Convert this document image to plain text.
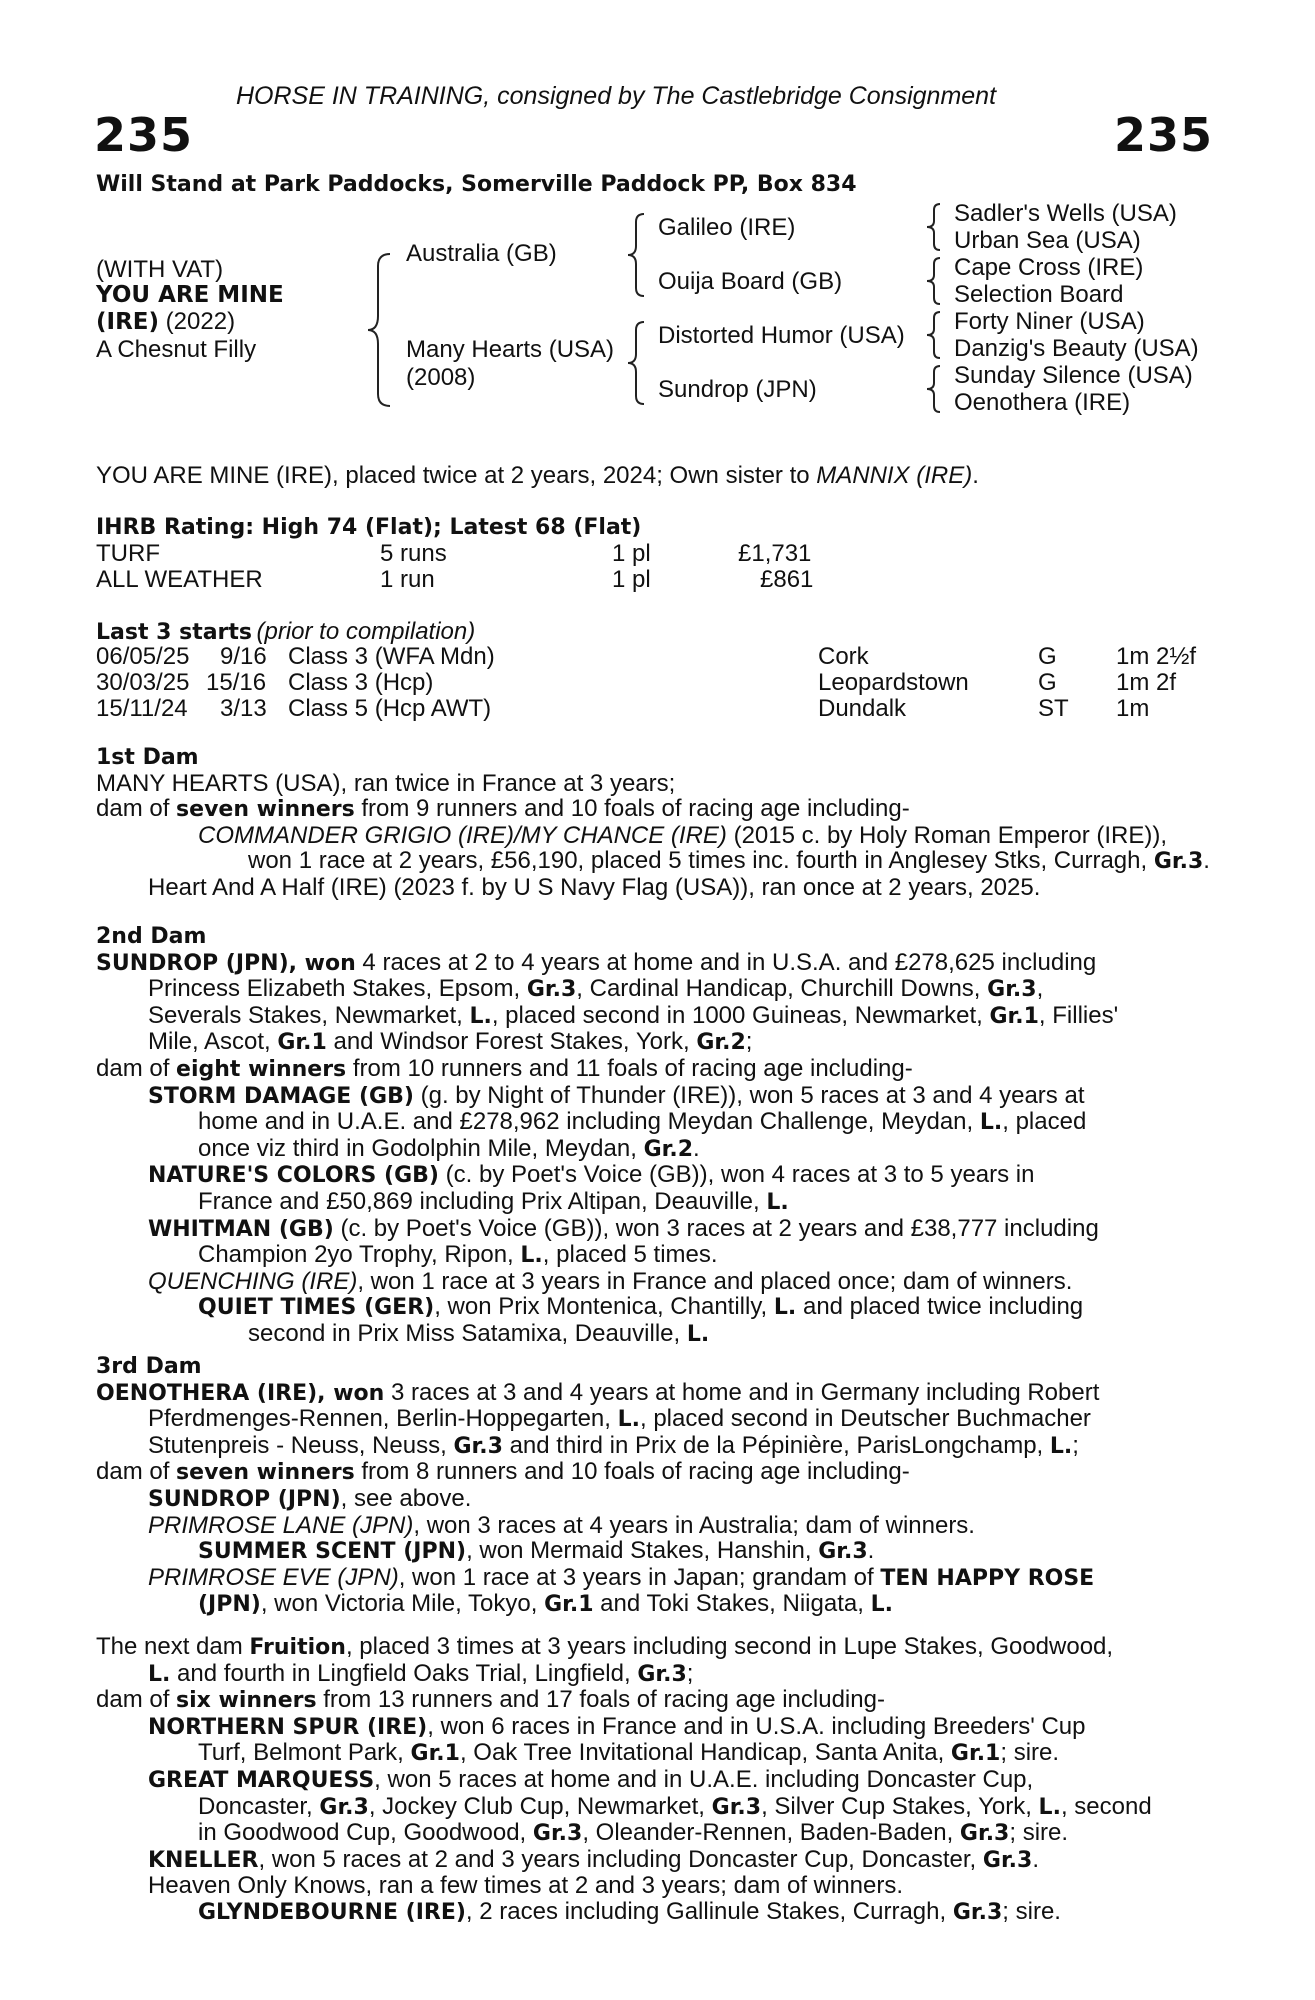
HORSE IN TRAINING, consigned by The Castlebridge Consignment
235	235
Will Stand at Park Paddocks, Somerville Paddock PP, Box 834
(WITH VAT)
YOU ARE MINE
(IRE) (2022)
A Chesnut Filly
Australia (GB)
Many Hearts (USA)
(2008)
Galileo (IRE)
Ouija Board (GB)
Distorted Humor (USA)
Sundrop (JPN)
Sadler's Wells (USA)
Urban Sea (USA)
Cape Cross (IRE)
Selection Board
Forty Niner (USA)
Danzig's Beauty (USA)
Sunday Silence (USA)
Oenothera (IRE)
YOU ARE MINE (IRE), placed twice at 2 years, 2024; Own sister to MANNIX (IRE).
IHRB Rating: High 74 (Flat); Latest 68 (Flat)
TURF	5 runs	1 pl	£1,731
ALL WEATHER	1 run	1 pl	£861
Last 3 starts (prior to compilation)
06/05/25 9/16 Class 3 (WFA Mdn)	Cork	G 1m 2½f
30/03/25 15/16 Class 3 (Hcp)	Leopardstown	G 1m 2f
15/11/24 3/13 Class 5 (Hcp AWT)	Dundalk	ST 1m
1st Dam
MANY HEARTS (USA), ran twice in France at 3 years;
dam of seven winners from 9 runners and 10 foals of racing age including-
COMMANDER GRIGIO (IRE)/MY CHANCE (IRE) (2015 c. by Holy Roman Emperor (IRE)),
won 1 race at 2 years, £56,190, placed 5 times inc. fourth in Anglesey Stks, Curragh, Gr.3.
Heart And A Half (IRE) (2023 f. by U S Navy Flag (USA)), ran once at 2 years, 2025.
2nd Dam
SUNDROP (JPN), won 4 races at 2 to 4 years at home and in U.S.A. and £278,625 including
Princess Elizabeth Stakes, Epsom, Gr.3, Cardinal Handicap, Churchill Downs, Gr.3,
Severals Stakes, Newmarket, L., placed second in 1000 Guineas, Newmarket, Gr.1, Fillies'
Mile, Ascot, Gr.1 and Windsor Forest Stakes, York, Gr.2;
dam of eight winners from 10 runners and 11 foals of racing age including-
STORM DAMAGE (GB) (g. by Night of Thunder (IRE)), won 5 races at 3 and 4 years at
home and in U.A.E. and £278,962 including Meydan Challenge, Meydan, L., placed
once viz third in Godolphin Mile, Meydan, Gr.2.
NATURE'S COLORS (GB) (c. by Poet's Voice (GB)), won 4 races at 3 to 5 years in
France and £50,869 including Prix Altipan, Deauville, L.
WHITMAN (GB) (c. by Poet's Voice (GB)), won 3 races at 2 years and £38,777 including
Champion 2yo Trophy, Ripon, L., placed 5 times.
QUENCHING (IRE), won 1 race at 3 years in France and placed once; dam of winners.
QUIET TIMES (GER), won Prix Montenica, Chantilly, L. and placed twice including
second in Prix Miss Satamixa, Deauville, L.
3rd Dam
OENOTHERA (IRE), won 3 races at 3 and 4 years at home and in Germany including Robert
Pferdmenges-Rennen, Berlin-Hoppegarten, L., placed second in Deutscher Buchmacher
Stutenpreis - Neuss, Neuss, Gr.3 and third in Prix de la Pépinière, ParisLongchamp, L.;
dam of seven winners from 8 runners and 10 foals of racing age including-
SUNDROP (JPN), see above.
PRIMROSE LANE (JPN), won 3 races at 4 years in Australia; dam of winners.
SUMMER SCENT (JPN), won Mermaid Stakes, Hanshin, Gr.3.
PRIMROSE EVE (JPN), won 1 race at 3 years in Japan; grandam of TEN HAPPY ROSE
(JPN), won Victoria Mile, Tokyo, Gr.1 and Toki Stakes, Niigata, L.
The next dam Fruition, placed 3 times at 3 years including second in Lupe Stakes, Goodwood,
L. and fourth in Lingfield Oaks Trial, Lingfield, Gr.3;
dam of six winners from 13 runners and 17 foals of racing age including-
NORTHERN SPUR (IRE), won 6 races in France and in U.S.A. including Breeders' Cup
Turf, Belmont Park, Gr.1, Oak Tree Invitational Handicap, Santa Anita, Gr.1; sire.
GREAT MARQUESS, won 5 races at home and in U.A.E. including Doncaster Cup,
Doncaster, Gr.3, Jockey Club Cup, Newmarket, Gr.3, Silver Cup Stakes, York, L., second
in Goodwood Cup, Goodwood, Gr.3, Oleander-Rennen, Baden-Baden, Gr.3; sire.
KNELLER, won 5 races at 2 and 3 years including Doncaster Cup, Doncaster, Gr.3.
Heaven Only Knows, ran a few times at 2 and 3 years; dam of winners.
GLYNDEBOURNE (IRE), 2 races including Gallinule Stakes, Curragh, Gr.3; sire.
